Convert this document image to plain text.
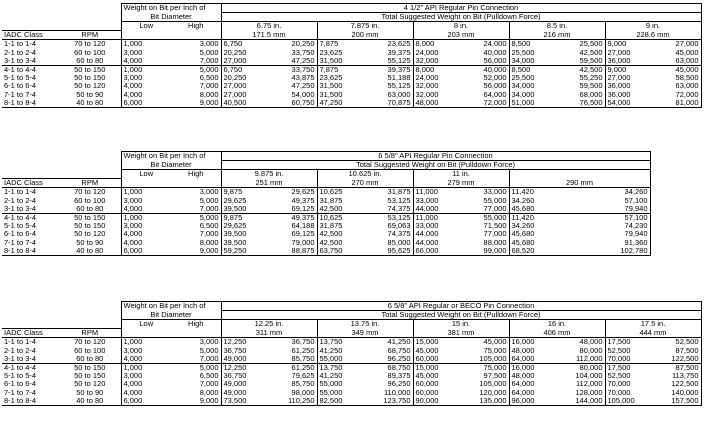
		Weight on Bit per Inch of		4 1/2" API Regular Pin Connection									
		Bit Diameter		Total Suggested Weight on Bit (Pulldown Force)									
		Low	High	6.75 in.		7.875 in.		8 in.		8.5 in.		9 in.	
IADC Class	RPM			171.5 mm		200 mm		203 mm		216 mm		228.6 mm	
1-1 to 1-4	70 to 120	1,000	3,000	6,750	20,250	7,875	23,625	8,000	24,000	8,500	25,500	9,000	27,000
2-1 to 2-4	60 to 100	3,000	5,000	20,250	33,750	23,625	39,375	24,000	40,000	25,500	42,500	27,000	45,000
3-1 to 3-4	60 to 80	4,000	7,000	27,000	47,250	31,500	55,125	32,000	56,000	34,000	59,500	36,000	63,000
4-1 to 4-4	50 to 150	1,000	5,000	6,750	33,750	7,875	39,375	8,000	40,000	8,500	42,500	9,000	45,000
5-1 to 5-4	50 to 150	3,000	6,500	20,250	43,875	23,625	51,188	24,000	52,000	25,500	55,250	27,000	58,500
6-1 to 6-4	50 to 120	4,000	7,000	27,000	47,250	31,500	55,125	32,000	56,000	34,000	59,500	36,000	63,000
7-1 to 7-4	50 to 90	4,000	8,000	27,000	54,000	31,500	63,000	32,000	64,000	34,000	68,000	36,000	72,000
8-1 to 8-4	40 to 80	6,000	9,000	40,500	60,750	47,250	70,875	48,000	72,000	51,000	76,500	54,000	81,000
		Weight on Bit per Inch of		6 5/8" API Regular Pin Connection							
		Bit Diameter		Total Suggested Weight on Bit (Pulldown Force)							
		Low	High	9.875 in.		10.625 in.		11 in.			
IADC Class	RPM			251 mm		270 mm		279 mm		290 mm	
1-1 to 1-4	70 to 120	1,000	3,000	9,875	29,625	10,625	31,875	11,000	33,000	11,420	34,260
2-1 to 2-4	60 to 100	3,000	5,000	29,625	49,375	31,875	53,125	33,000	55,000	34,260	57,100
3-1 to 3-4	60 to 80	4,000	7,000	39,500	69,125	42,500	74,375	44,000	77,000	45,680	79,940
4-1 to 4-4	50 to 150	1,000	5,000	9,875	49,375	10,625	53,125	11,000	55,000	11,420	57,100
5-1 to 5-4	50 to 150	3,000	6,500	29,625	64,188	31,875	69,063	33,000	71,500	34,260	74,230
6-1 to 6-4	50 to 120	4,000	7,000	39,500	69,125	42,500	74,375	44,000	77,000	45,680	79,940
7-1 to 7-4	50 to 90	4,000	8,000	39,500	79,000	42,500	85,000	44,000	88,000	45,680	91,360
8-1 to 8-4	40 to 80	6,000	9,000	59,250	88,875	63,750	95,625	66,000	99,000	68,520	102,780
		Weight on Bit per Inch of		6 5/8" API Regular or BECO Pin Connection									
		Bit Diameter		Total Suggested Weight on Bit (Pulldown Force)									
		Low	High	12.25 in.		13.75 in.		15 in.		16 in.		17.5 in.	
IADC Class	RPM			311 mm		349 mm		381 mm		406 mm		444 mm	
1-1 to 1-4	70 to 120	1,000	3,000	12,250	36,750	13,750	41,250	15,000	45,000	16,000	48,000	17,500	52,500
2-1 to 2-4	60 to 100	3,000	5,000	36,750	61,250	41,250	68,750	45,000	75,000	48,000	80,000	52,500	87,500
3-1 to 3-4	60 to 80	4,000	7,000	49,000	85,750	55,000	96,250	60,000	105,000	64,000	112,000	70,000	122,500
4-1 to 4-4	50 to 150	1,000	5,000	12,250	61,250	13,750	68,750	15,000	75,000	16,000	80,000	17,500	87,500
5-1 to 5-4	50 to 150	3,000	6,500	36,750	79,625	41,250	89,375	45,000	97,500	48,000	104,000	52,500	113,750
6-1 to 6-4	50 to 120	4,000	7,000	49,000	85,750	55,000	96,250	60,000	105,000	64,000	112,000	70,000	122,500
7-1 to 7-4	50 to 90	4,000	8,000	49,000	98,000	55,000	110,000	60,000	120,000	64,000	128,000	70,000	140,000
8-1 to 8-4	40 to 80	6,000	9,000	73,500	110,250	82,500	123,750	90,000	135,000	96,000	144,000	105,000	157,500
